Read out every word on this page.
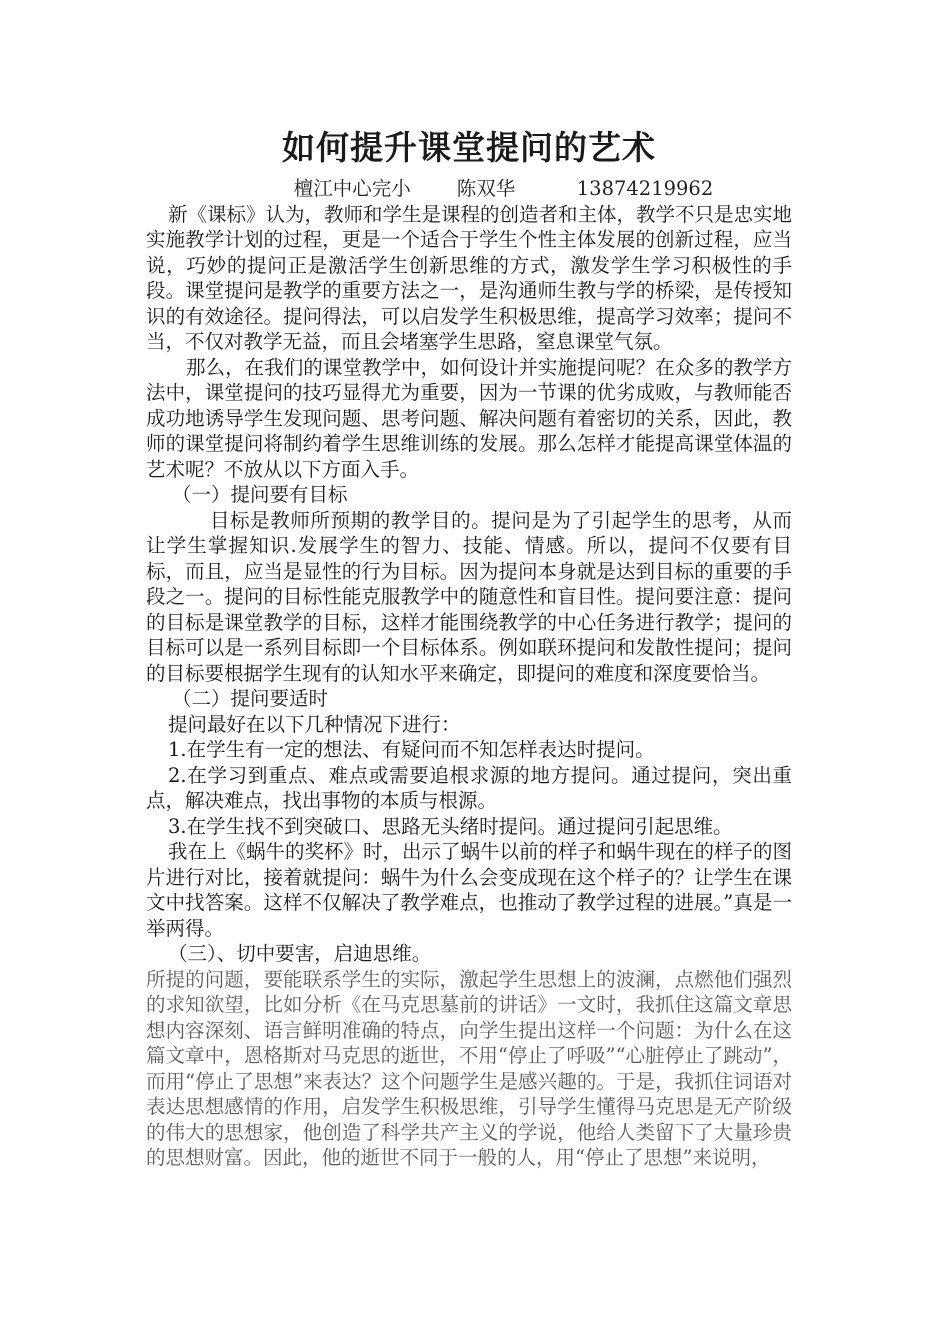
如何提升课堂提问的艺术
檀江中心完小 陈双华	13874219962

新《课标》认为，教师和学生是课程的创造者和主体，教学不只是忠实地实施教学计划的过程，更是一个适合于学生个性主体发展的创新过程，应当说，巧妙的提问正是激活学生创新思维的方式，激发学生学习积极性的手段。课堂提问是教学的重要方法之一，是沟通师生教与学的桥梁，是传授知识的有效途径。提问得法，可以启发学生积极思维，提高学习效率；提问不当，不仅对教学无益，而且会堵塞学生思路，窒息课堂气氛。

那么，在我们的课堂教学中，如何设计并实施提问呢？在众多的教学方法中，课堂提问的技巧显得尤为重要，因为一节课的优劣成败，与教师能否成功地诱导学生发现问题、思考问题、解决问题有着密切的关系，因此，教师的课堂提问将制约着学生思维训练的发展。那么怎样才能提高课堂体温的艺术呢？不放从以下方面入手。

（一）提问要有目标

目标是教师所预期的教学目的。提问是为了引起学生的思考，从而让学生掌握知识.发展学生的智力、技能、情感。所以，提问不仅要有目标，而且，应当是显性的行为目标。因为提问本身就是达到目标的重要的手段之一。提问的目标性能克服教学中的随意性和盲目性。提问要注意：提问的目标是课堂教学的目标，这样才能围绕教学的中心任务进行教学；提问的目标可以是一系列目标即一个目标体系。例如联环提问和发散性提问；提问的目标要根据学生现有的认知水平来确定，即提问的难度和深度要恰当。

（二）提问要适时

提问最好在以下几种情况下进行：

1.在学生有一定的想法、有疑问而不知怎样表达时提问。

2.在学习到重点、难点或需要追根求源的地方提问。通过提问，突出重点，解决难点，找出事物的本质与根源。

3.在学生找不到突破口、思路无头绪时提问。通过提问引起思维。

我在上《蜗牛的奖杯》时，出示了蜗牛以前的样子和蜗牛现在的样子的图片进行对比，接着就提问：蜗牛为什么会变成现在这个样子的？让学生在课文中找答案。这样不仅解决了教学难点，也推动了教学过程的进展。”真是一举两得。

（三）、切中要害，启迪思维。

所提的问题，要能联系学生的实际，激起学生思想上的波澜，点燃他们强烈的求知欲望，比如分析《在马克思墓前的讲话》一文时，我抓住这篇文章思想内容深刻、语言鲜明准确的特点，向学生提出这样一个问题：为什么在这篇文章中，恩格斯对马克思的逝世，不用“停止了呼吸”“心脏停止了跳动”，而用“停止了思想”来表达？这个问题学生是感兴趣的。于是，我抓住词语对表达思想感情的作用，启发学生积极思维，引导学生懂得马克思是无产阶级的伟大的思想家，他创造了科学共产主义的学说，他给人类留下了大量珍贵的思想财富。因此，他的逝世不同于一般的人，用“停止了思想”来说明，
